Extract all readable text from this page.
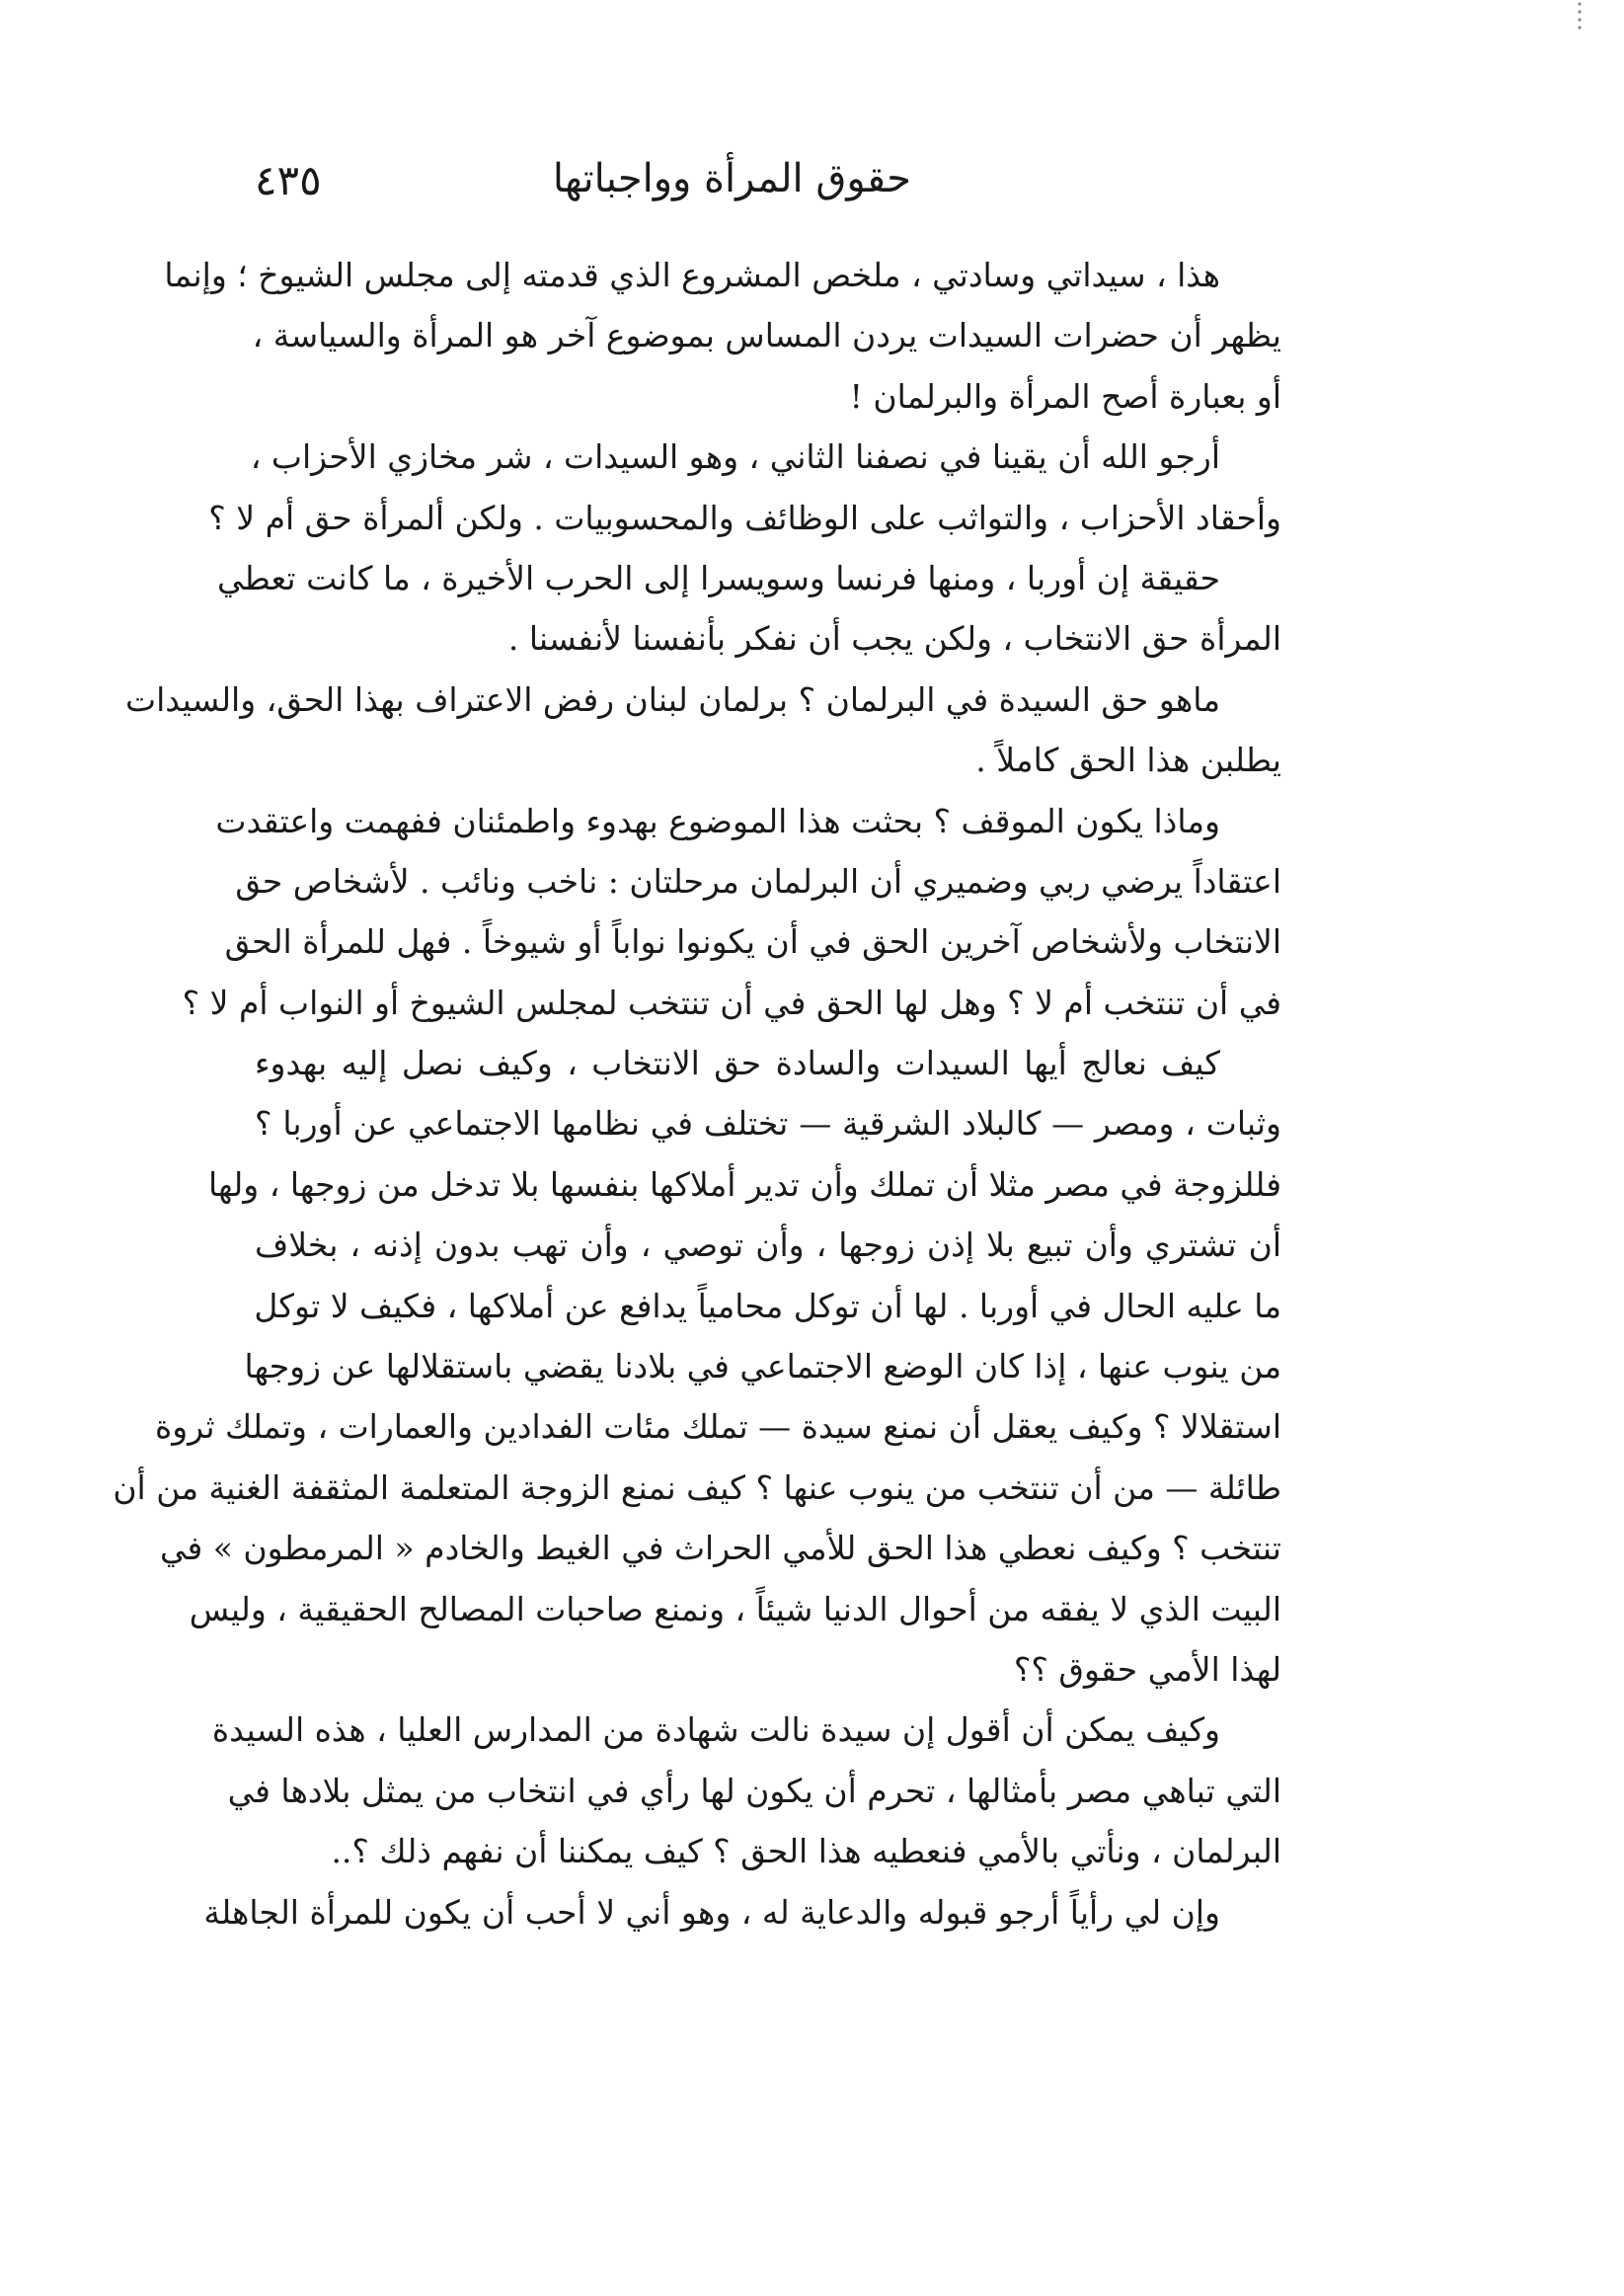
حقوق المرأة وواجباتها
٤٣٥
هذا ، سيداتي وسادتي ، ملخص المشروع الذي قدمته إلى مجلس الشيوخ ؛ وإنما
يظهر أن حضرات السيدات يردن المساس بموضوع آخر هو المرأة والسياسة ،
أو بعبارة أصح المرأة والبرلمان !
أرجو الله أن يقينا في نصفنا الثاني ، وهو السيدات ، شر مخازي الأحزاب ،
وأحقاد الأحزاب ، والتواثب على الوظائف والمحسوبيات . ولكن ألمرأة حق أم لا ؟
حقيقة إن أوربا ، ومنها فرنسا وسويسرا إلى الحرب الأخيرة ، ما كانت تعطي
المرأة حق الانتخاب ، ولكن يجب أن نفكر بأنفسنا لأنفسنا .
ماهو حق السيدة في البرلمان ؟ برلمان لبنان رفض الاعتراف بهذا الحق، والسيدات
يطلبن هذا الحق كاملاً .
وماذا يكون الموقف ؟ بحثت هذا الموضوع بهدوء واطمئنان ففهمت واعتقدت
اعتقاداً يرضي ربي وضميري أن البرلمان مرحلتان : ناخب ونائب . لأشخاص حق
الانتخاب ولأشخاص آخرين الحق في أن يكونوا نواباً أو شيوخاً . فهل للمرأة الحق
في أن تنتخب أم لا ؟ وهل لها الحق في أن تنتخب لمجلس الشيوخ أو النواب أم لا ؟
كيف نعالج أيها السيدات والسادة حق الانتخاب ، وكيف نصل إليه بهدوء
وثبات ، ومصر — كالبلاد الشرقية — تختلف في نظامها الاجتماعي عن أوربا ؟
فللزوجة في مصر مثلا أن تملك وأن تدير أملاكها بنفسها بلا تدخل من زوجها ، ولها
أن تشتري وأن تبيع بلا إذن زوجها ، وأن توصي ، وأن تهب بدون إذنه ، بخلاف
ما عليه الحال في أوربا . لها أن توكل محامياً يدافع عن أملاكها ، فكيف لا توكل
من ينوب عنها ، إذا كان الوضع الاجتماعي في بلادنا يقضي باستقلالها عن زوجها
استقلالا ؟ وكيف يعقل أن نمنع سيدة — تملك مئات الفدادين والعمارات ، وتملك ثروة
طائلة — من أن تنتخب من ينوب عنها ؟ كيف نمنع الزوجة المتعلمة المثقفة الغنية من أن
تنتخب ؟ وكيف نعطي هذا الحق للأمي الحراث في الغيط والخادم « المرمطون » في
البيت الذي لا يفقه من أحوال الدنيا شيئاً ، ونمنع صاحبات المصالح الحقيقية ، وليس
لهذا الأمي حقوق ؟؟
وكيف يمكن أن أقول إن سيدة نالت شهادة من المدارس العليا ، هذه السيدة
التي تباهي مصر بأمثالها ، تحرم أن يكون لها رأي في انتخاب من يمثل بلادها في
البرلمان ، ونأتي بالأمي فنعطيه هذا الحق ؟ كيف يمكننا أن نفهم ذلك ؟..
وإن لي رأياً أرجو قبوله والدعاية له ، وهو أني لا أحب أن يكون للمرأة الجاهلة
